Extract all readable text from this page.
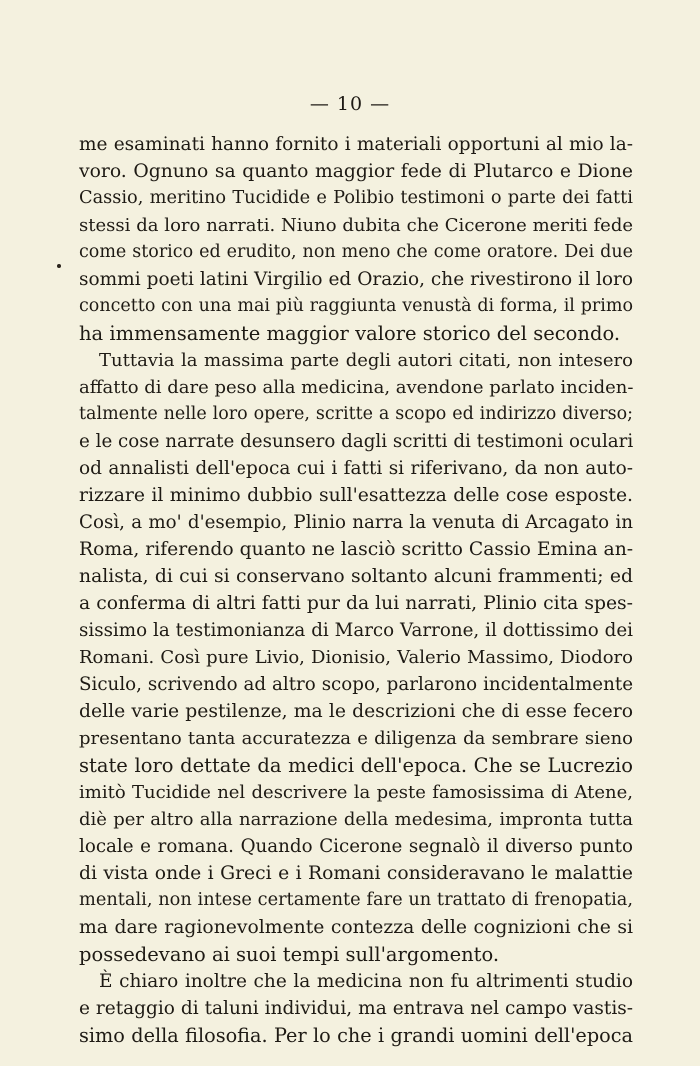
— 10 —
me esaminati hanno fornito i materiali opportuni al mio la-
voro. Ognuno sa quanto maggior fede di Plutarco e Dione
Cassio, meritino Tucidide e Polibio testimoni o parte dei fatti
stessi da loro narrati. Niuno dubita che Cicerone meriti fede
come storico ed erudito, non meno che come oratore. Dei due
sommi poeti latini Virgilio ed Orazio, che rivestirono il loro
concetto con una mai più raggiunta venustà di forma, il primo
ha immensamente maggior valore storico del secondo.
Tuttavia la massima parte degli autori citati, non intesero
affatto di dare peso alla medicina, avendone parlato inciden-
talmente nelle loro opere, scritte a scopo ed indirizzo diverso;
e le cose narrate desunsero dagli scritti di testimoni oculari
od annalisti dell'epoca cui i fatti si riferivano, da non auto-
rizzare il minimo dubbio sull'esattezza delle cose esposte.
Così, a mo' d'esempio, Plinio narra la venuta di Arcagato in
Roma, riferendo quanto ne lasciò scritto Cassio Emina an-
nalista, di cui si conservano soltanto alcuni frammenti; ed
a conferma di altri fatti pur da lui narrati, Plinio cita spes-
sissimo la testimonianza di Marco Varrone, il dottissimo dei
Romani. Così pure Livio, Dionisio, Valerio Massimo, Diodoro
Siculo, scrivendo ad altro scopo, parlarono incidentalmente
delle varie pestilenze, ma le descrizioni che di esse fecero
presentano tanta accuratezza e diligenza da sembrare sieno
state loro dettate da medici dell'epoca. Che se Lucrezio
imitò Tucidide nel descrivere la peste famosissima di Atene,
diè per altro alla narrazione della medesima, impronta tutta
locale e romana. Quando Cicerone segnalò il diverso punto
di vista onde i Greci e i Romani consideravano le malattie
mentali, non intese certamente fare un trattato di frenopatia,
ma dare ragionevolmente contezza delle cognizioni che si
possedevano ai suoi tempi sull'argomento.
È chiaro inoltre che la medicina non fu altrimenti studio
e retaggio di taluni individui, ma entrava nel campo vastis-
simo della filosofia. Per lo che i grandi uomini dell'epoca
